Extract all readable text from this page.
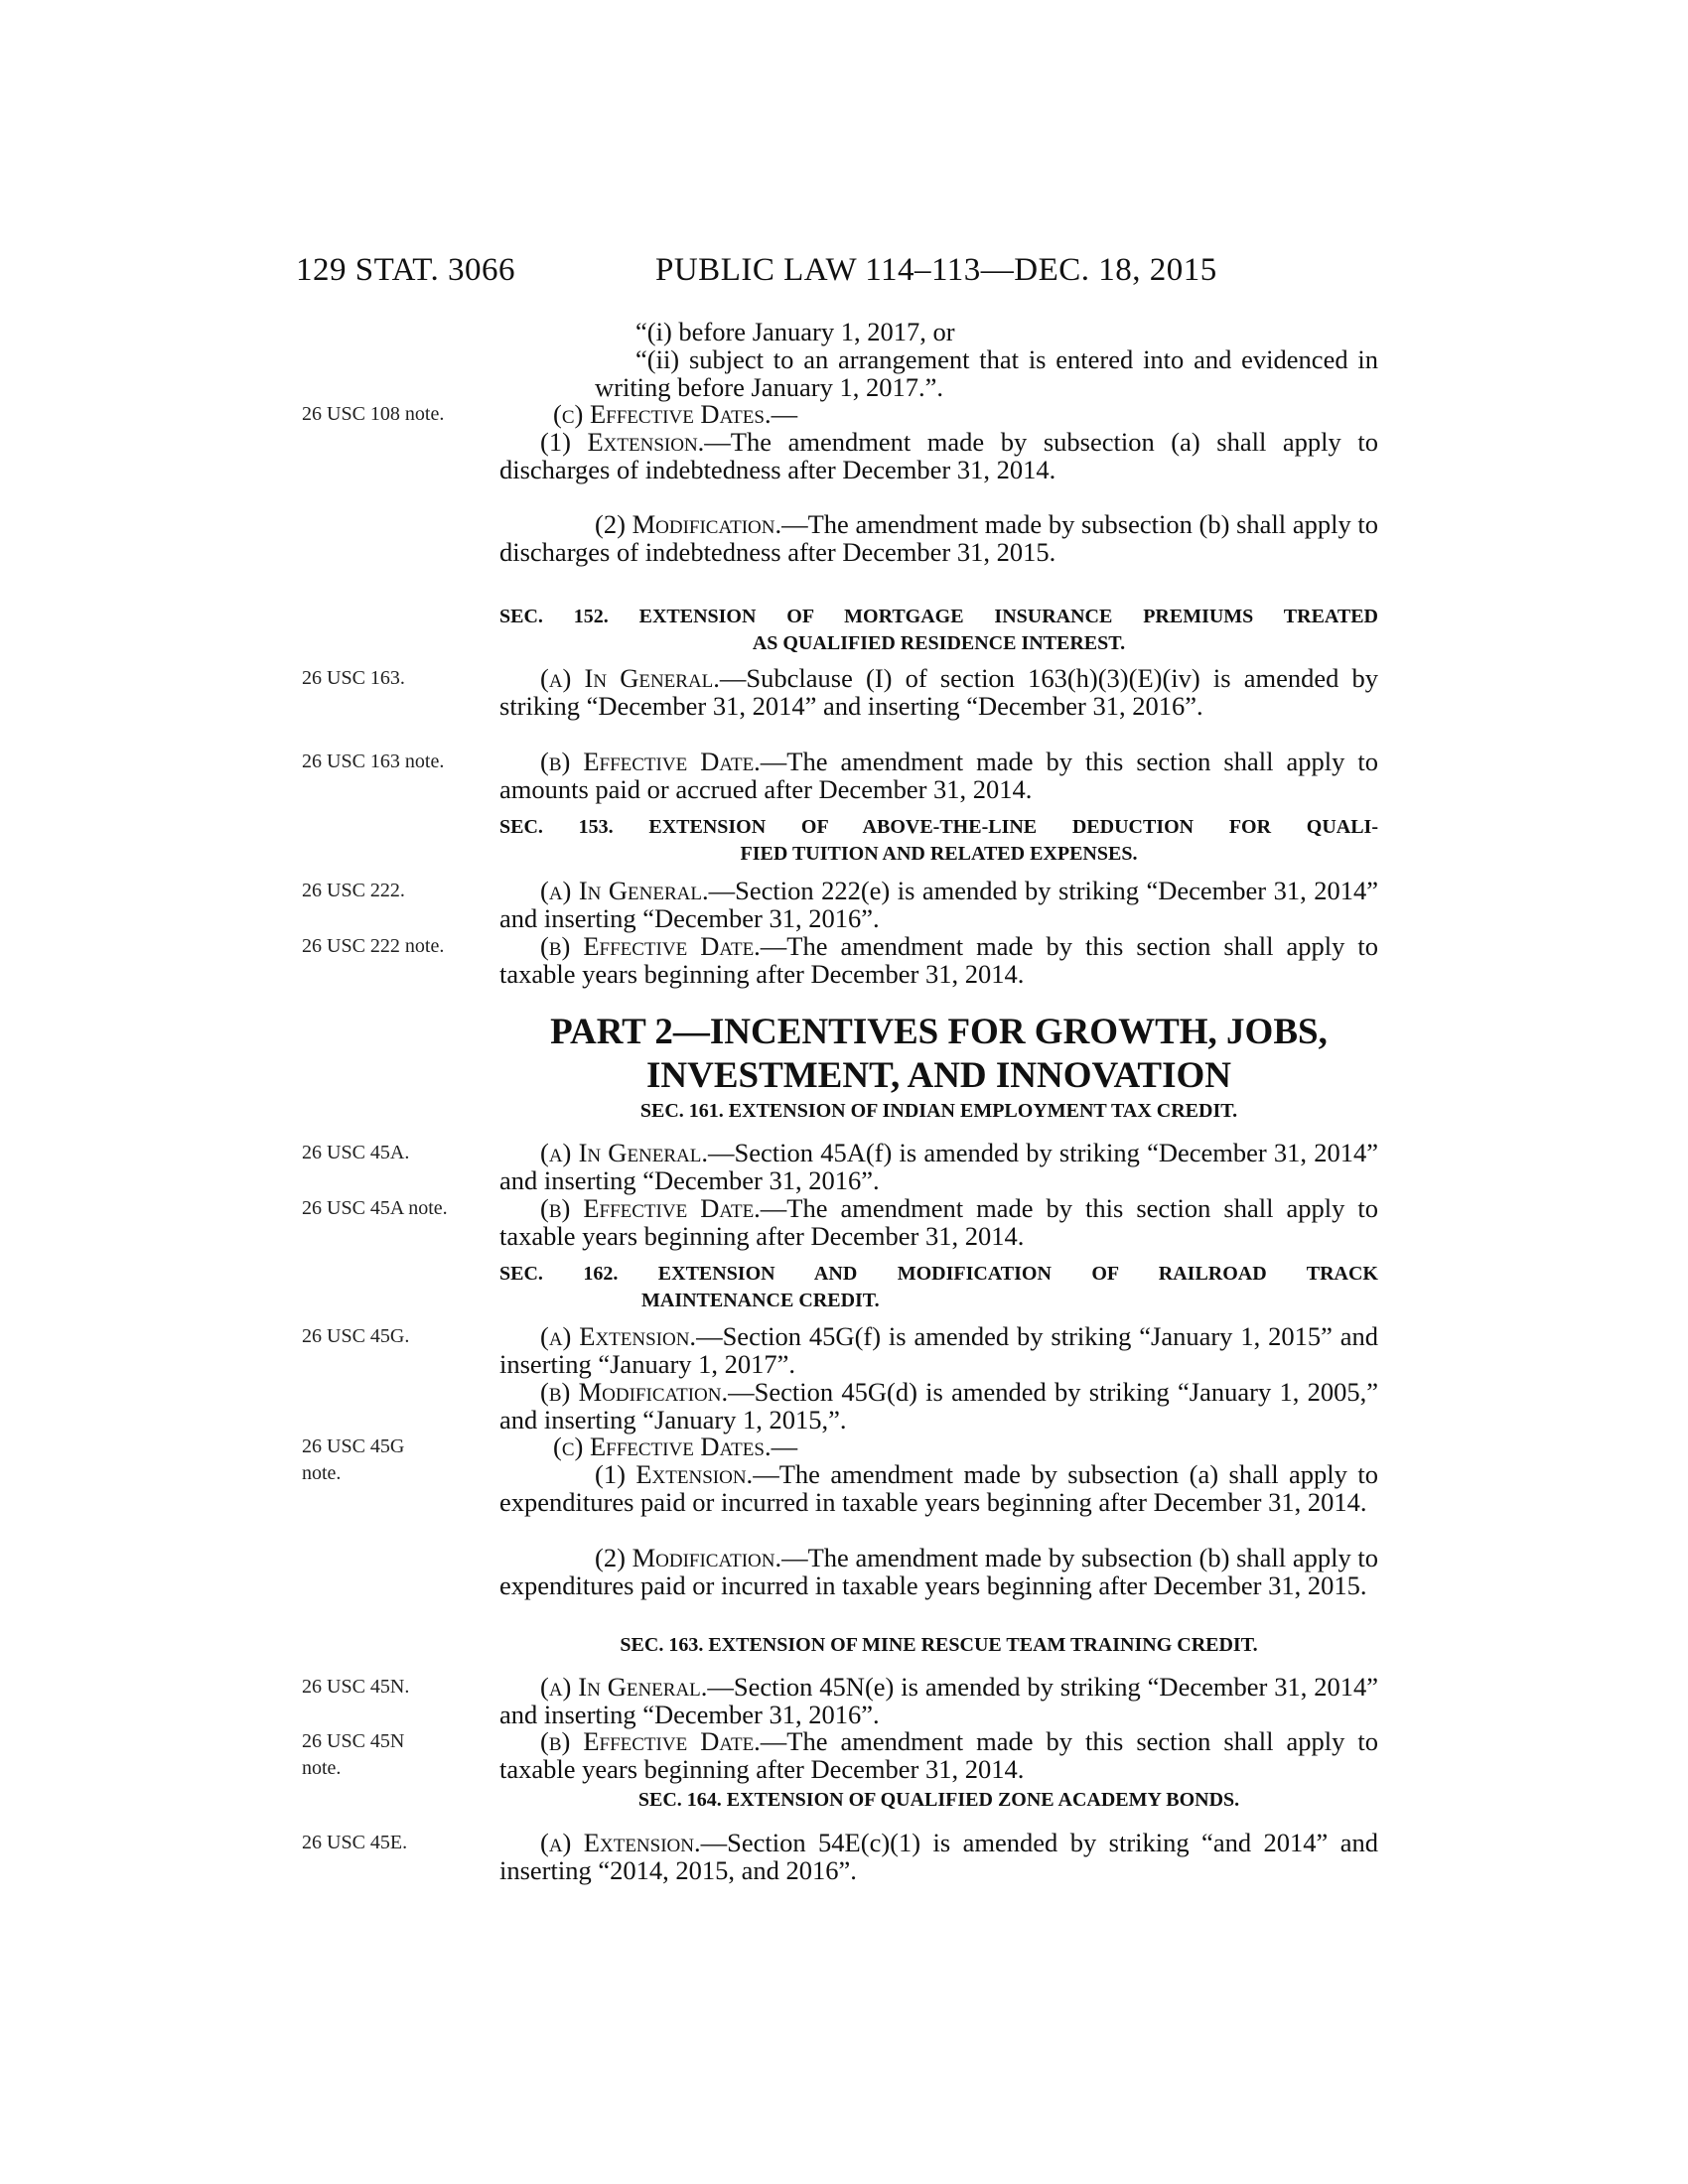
129 STAT. 3066	PUBLIC LAW 114–113—DEC. 18, 2015
26 USC 108 note.
26 USC 163.
26 USC 163 note.
26 USC 222.
26 USC 222 note.
26 USC 45A.
26 USC 45A note.
26 USC 45G.
26 USC 45G note.
26 USC 45N.
26 USC 45N note.
26 USC 45E.
“(i) before January 1, 2017, or
“(ii) subject to an arrangement that is entered into and evidenced in writing before January 1, 2017.”.
(c) Effective Dates.—
(1) Extension.—The amendment made by subsection (a) shall apply to discharges of indebtedness after December 31, 2014.
(2) Modification.—The amendment made by subsection (b) shall apply to discharges of indebtedness after December 31, 2015.
SEC. 152. EXTENSION OF MORTGAGE INSURANCE PREMIUMS TREATED
AS QUALIFIED RESIDENCE INTEREST.
(a) In General.—Subclause (I) of section 163(h)(3)(E)(iv) is amended by striking “December 31, 2014” and inserting “December 31, 2016”.
(b) Effective Date.—The amendment made by this section shall apply to amounts paid or accrued after December 31, 2014.
SEC. 153. EXTENSION OF ABOVE-THE-LINE DEDUCTION FOR QUALI-
FIED TUITION AND RELATED EXPENSES.
(a) In General.—Section 222(e) is amended by striking “December 31, 2014” and inserting “December 31, 2016”.
(b) Effective Date.—The amendment made by this section shall apply to taxable years beginning after December 31, 2014.
PART 2—INCENTIVES FOR GROWTH, JOBS,
INVESTMENT, AND INNOVATION
SEC. 161. EXTENSION OF INDIAN EMPLOYMENT TAX CREDIT.
(a) In General.—Section 45A(f) is amended by striking “December 31, 2014” and inserting “December 31, 2016”.
(b) Effective Date.—The amendment made by this section shall apply to taxable years beginning after December 31, 2014.
SEC. 162. EXTENSION AND MODIFICATION OF RAILROAD TRACK
MAINTENANCE CREDIT.
(a) Extension.—Section 45G(f) is amended by striking “January 1, 2015” and inserting “January 1, 2017”.
(b) Modification.—Section 45G(d) is amended by striking “January 1, 2005,” and inserting “January 1, 2015,”.
(c) Effective Dates.—
(1) Extension.—The amendment made by subsection (a) shall apply to expenditures paid or incurred in taxable years beginning after December 31, 2014.
(2) Modification.—The amendment made by subsection (b) shall apply to expenditures paid or incurred in taxable years beginning after December 31, 2015.
SEC. 163. EXTENSION OF MINE RESCUE TEAM TRAINING CREDIT.
(a) In General.—Section 45N(e) is amended by striking “December 31, 2014” and inserting “December 31, 2016”.
(b) Effective Date.—The amendment made by this section shall apply to taxable years beginning after December 31, 2014.
SEC. 164. EXTENSION OF QUALIFIED ZONE ACADEMY BONDS.
(a) Extension.—Section 54E(c)(1) is amended by striking “and 2014” and inserting “2014, 2015, and 2016”.
